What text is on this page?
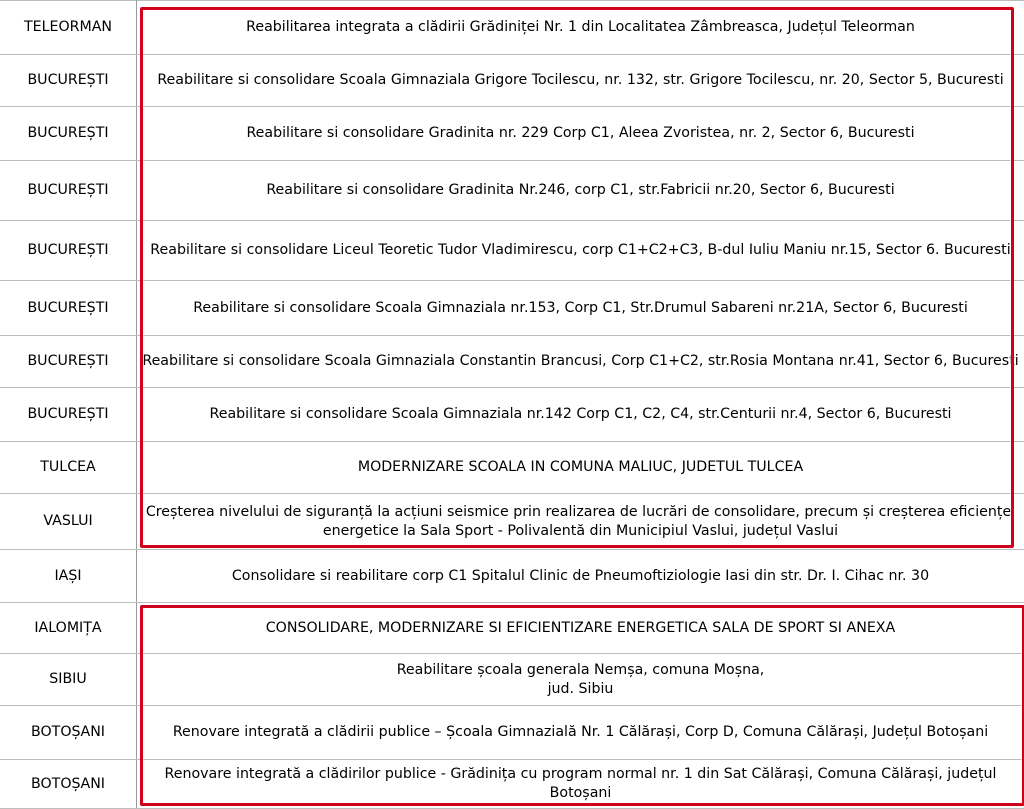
TELEORMAN	Reabilitarea integrata a clădirii Grădiniței Nr. 1 din Localitatea Zâmbreasca, Județul Teleorman

BUCUREȘTI	Reabilitare si consolidare Scoala Gimnaziala Grigore Tocilescu, nr. 132, str. Grigore Tocilescu, nr. 20, Sector 5, Bucuresti

BUCUREȘTI	Reabilitare si consolidare Gradinita nr. 229 Corp C1, Aleea Zvoristea, nr. 2, Sector 6, Bucuresti

BUCUREȘTI	Reabilitare si consolidare Gradinita Nr.246, corp C1, str.Fabricii nr.20, Sector 6, Bucuresti

BUCUREȘTI	Reabilitare si consolidare Liceul Teoretic Tudor Vladimirescu, corp C1+C2+C3, B-dul Iuliu Maniu nr.15, Sector 6. Bucuresti

BUCUREȘTI	Reabilitare si consolidare Scoala Gimnaziala nr.153, Corp C1, Str.Drumul Sabareni nr.21A, Sector 6, Bucuresti

BUCUREȘTI	Reabilitare si consolidare Scoala Gimnaziala Constantin Brancusi, Corp C1+C2, str.Rosia Montana nr.41, Sector 6, Bucuresti

BUCUREȘTI	Reabilitare si consolidare Scoala Gimnaziala nr.142 Corp C1, C2, C4, str.Centurii nr.4, Sector 6, Bucuresti

TULCEA	MODERNIZARE SCOALA IN COMUNA MALIUC, JUDETUL TULCEA

VASLUI	Creșterea nivelului de siguranță la acțiuni seismice prin realizarea de lucrări de consolidare, precum și creșterea eficienței energetice la Sala Sport - Polivalentă din Municipiul Vaslui, județul Vaslui

IAȘI	Consolidare si reabilitare corp C1 Spitalul Clinic de Pneumoftiziologie Iasi din str. Dr. I. Cihac nr. 30

IALOMIȚA	CONSOLIDARE, MODERNIZARE SI EFICIENTIZARE ENERGETICA SALA DE SPORT SI ANEXA

SIBIU	Reabilitare școala generala Nemșa, comuna Moșna,
jud. Sibiu

BOTOȘANI	Renovare integrată a clădirii publice – Școala Gimnazială Nr. 1 Călărași, Corp D, Comuna Călărași, Județul Botoșani

BOTOȘANI	Renovare integrată a clădirilor publice - Grădinița cu program normal nr. 1 din Sat Călărași, Comuna Călărași, județul Botoșani
